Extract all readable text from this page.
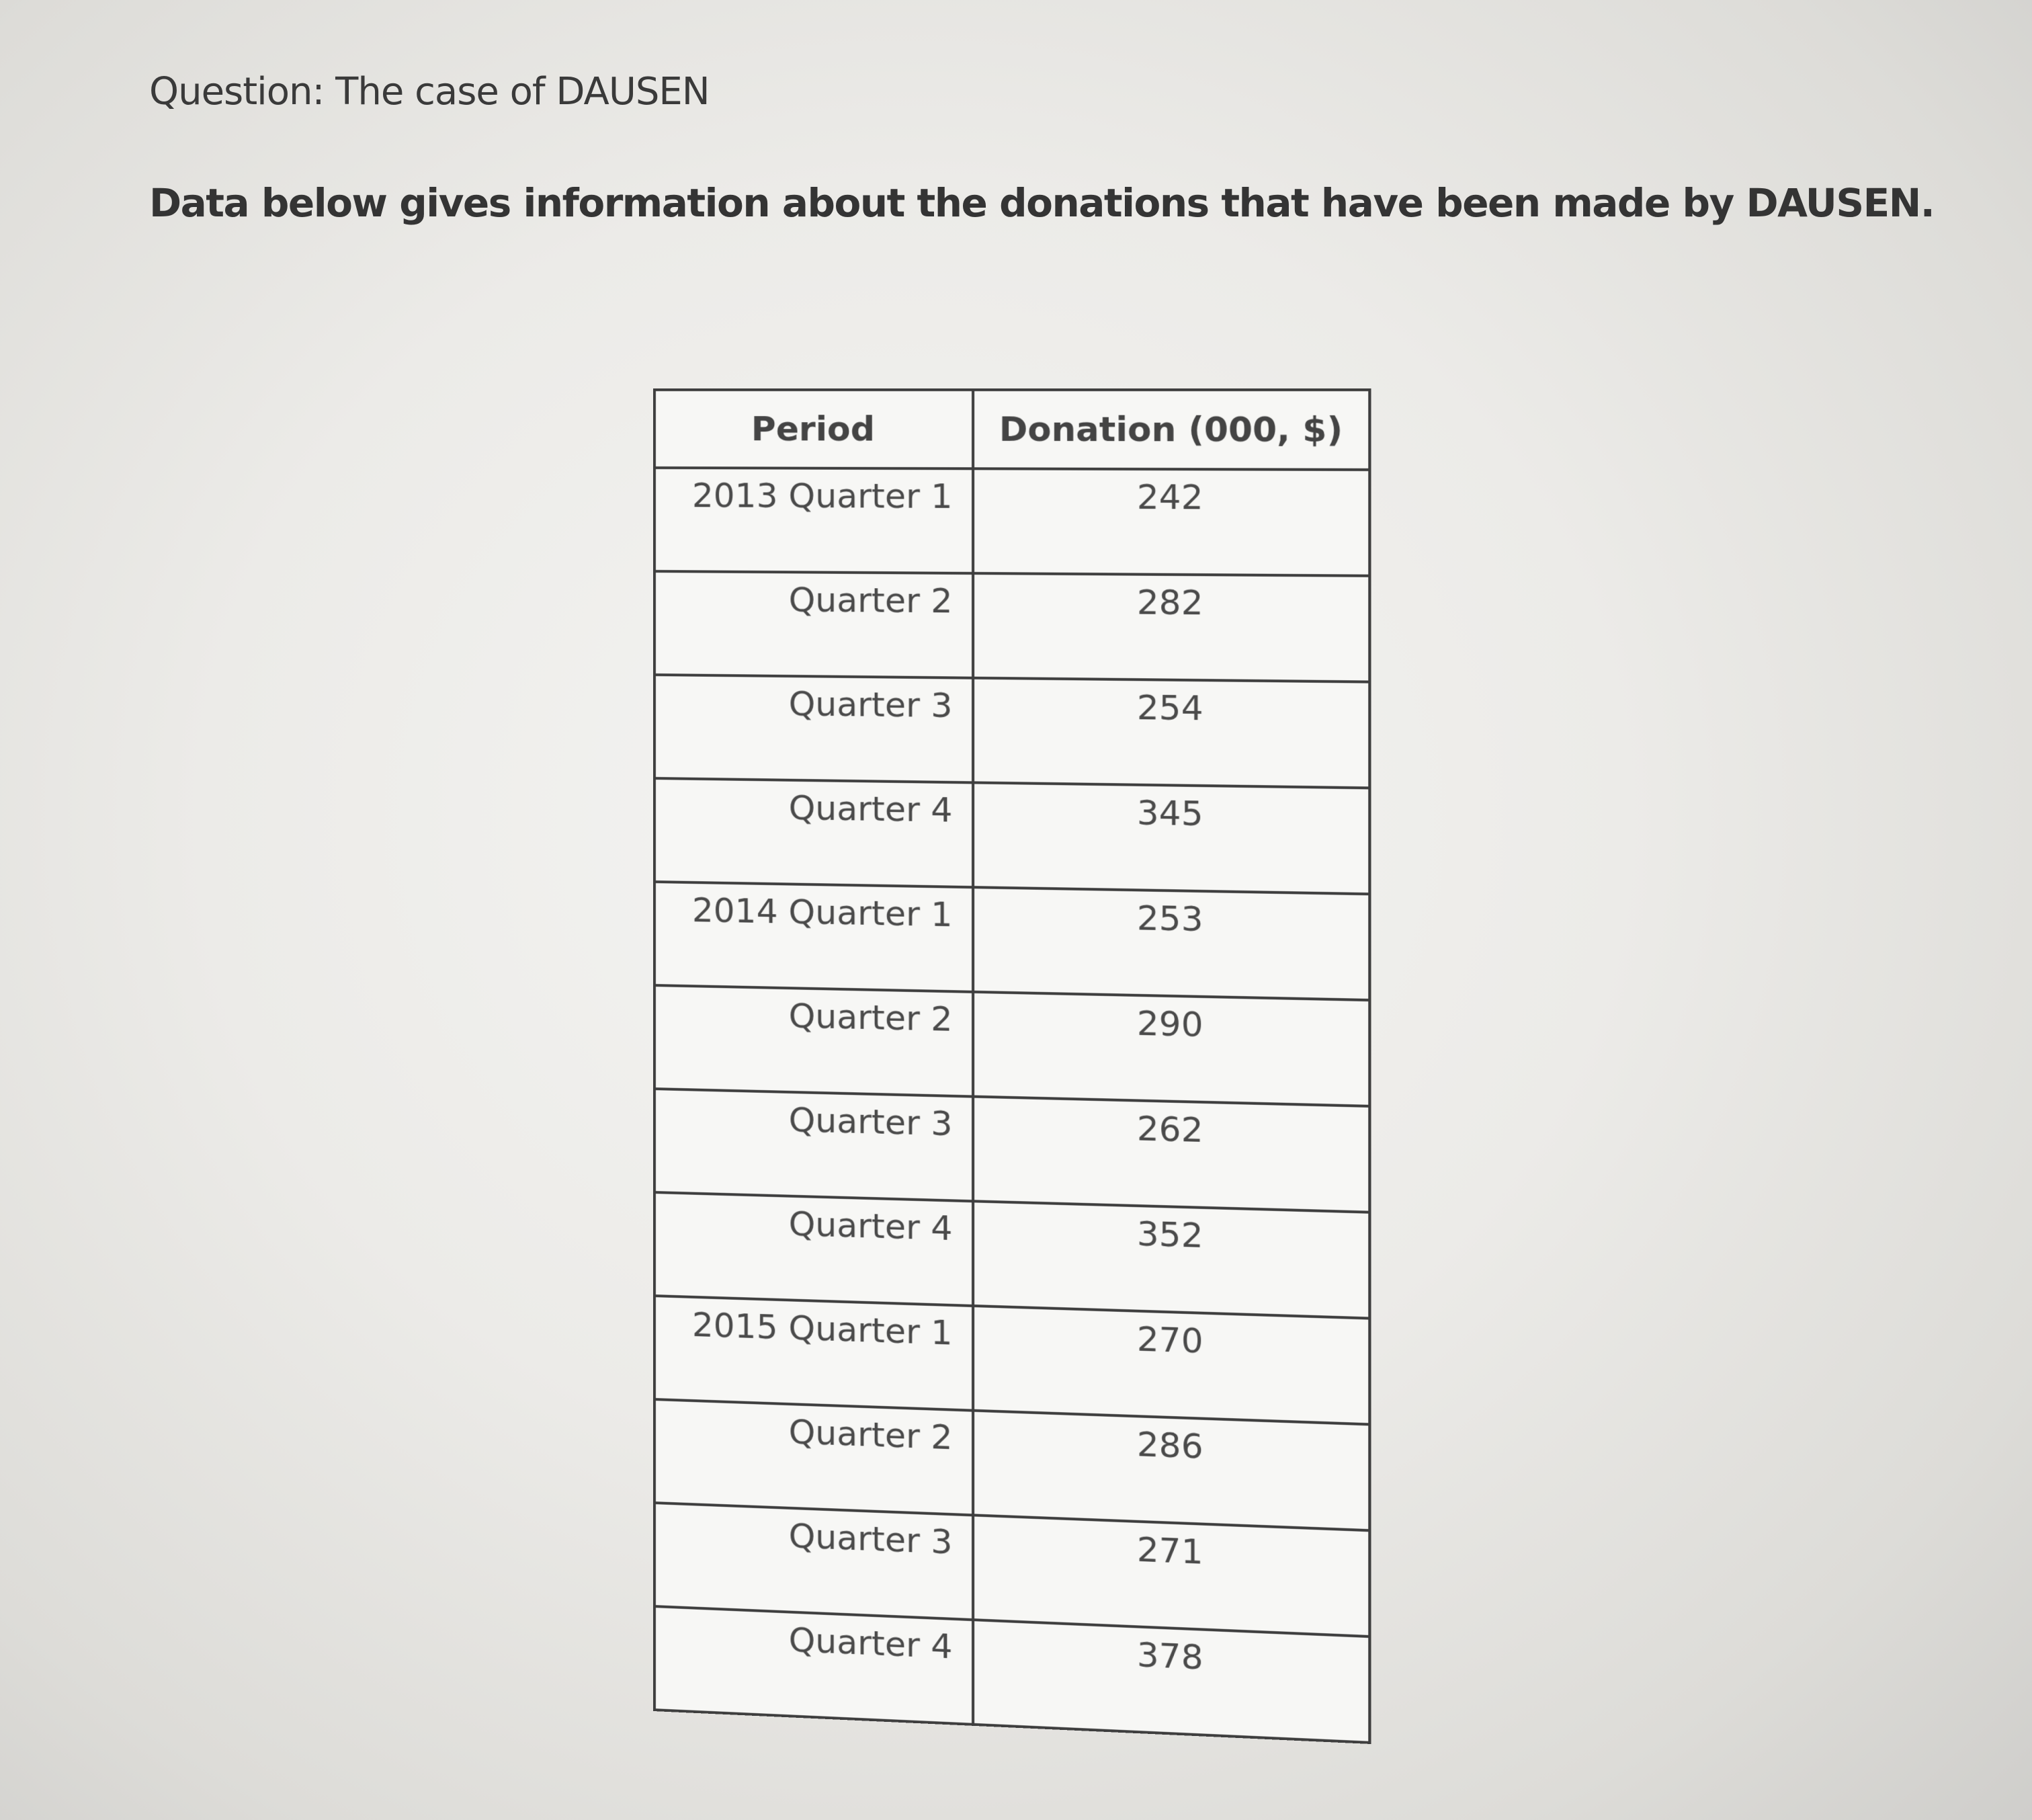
Question: The case of DAUSEN
Data below gives information about the donations that have been made by DAUSEN.
Period	Donation (000, $)
2013 Quarter 1	242
Quarter 2	282
Quarter 3	254
Quarter 4	345
2014 Quarter 1	253
Quarter 2	290
Quarter 3	262
Quarter 4	352
2015 Quarter 1	270
Quarter 2	286
Quarter 3	271
Quarter 4	378
